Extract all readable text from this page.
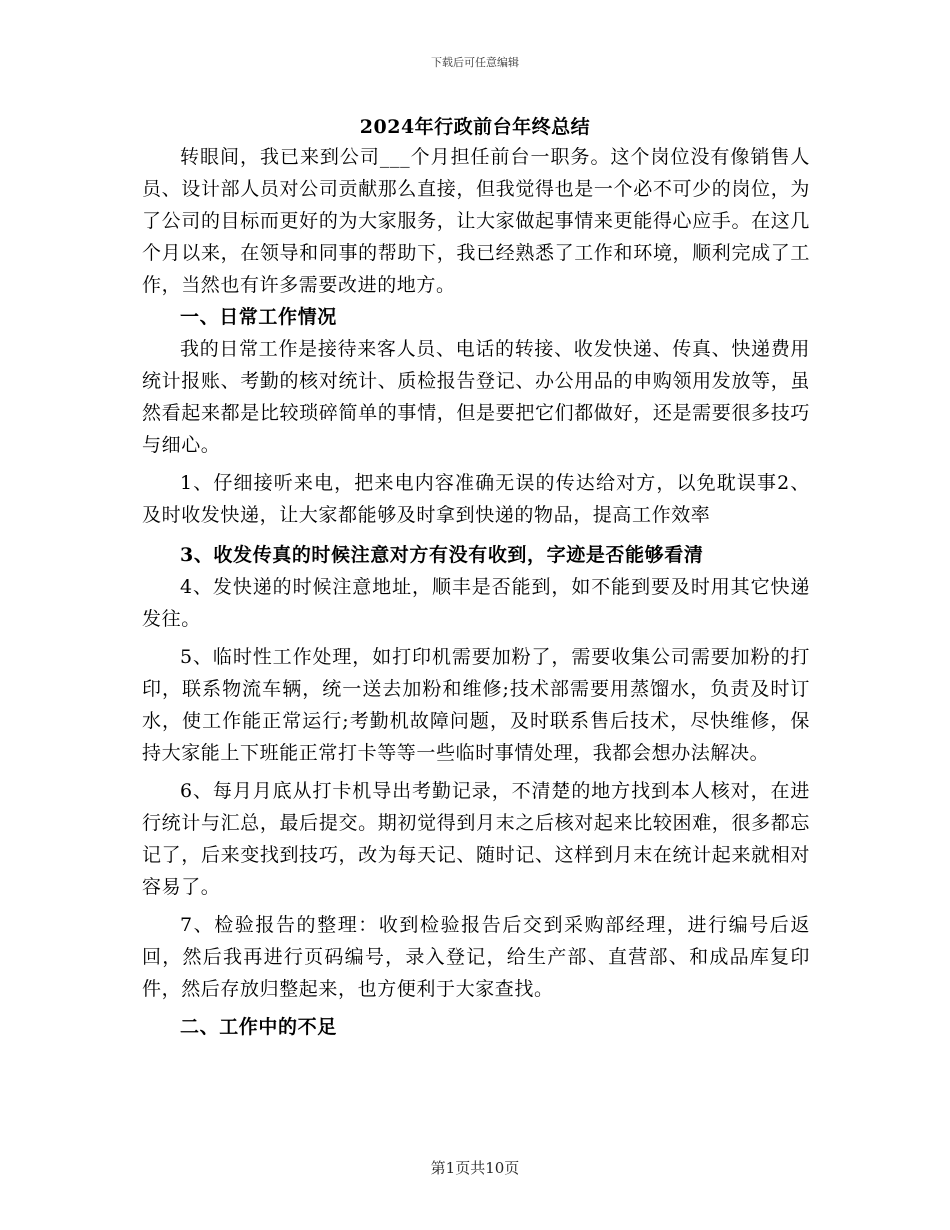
下载后可任意编辑
2024年行政前台年终总结

转眼间，我已来到公司___个月担任前台一职务。这个岗位没有像销售人员、设计部人员对公司贡献那么直接，但我觉得也是一个必不可少的岗位，为了公司的目标而更好的为大家服务，让大家做起事情来更能得心应手。在这几个月以来，在领导和同事的帮助下，我已经熟悉了工作和环境，顺利完成了工作，当然也有许多需要改进的地方。

一、日常工作情况

我的日常工作是接待来客人员、电话的转接、收发快递、传真、快递费用统计报账、考勤的核对统计、质检报告登记、办公用品的申购领用发放等，虽然看起来都是比较琐碎简单的事情，但是要把它们都做好，还是需要很多技巧与细心。

1、仔细接听来电，把来电内容准确无误的传达给对方，以免耽误事2、及时收发快递，让大家都能够及时拿到快递的物品，提高工作效率

3、收发传真的时候注意对方有没有收到，字迹是否能够看清

4、发快递的时候注意地址，顺丰是否能到，如不能到要及时用其它快递发往。

5、临时性工作处理，如打印机需要加粉了，需要收集公司需要加粉的打印，联系物流车辆，统一送去加粉和维修;技术部需要用蒸馏水，负责及时订水，使工作能正常运行;考勤机故障问题，及时联系售后技术，尽快维修，保持大家能上下班能正常打卡等等一些临时事情处理，我都会想办法解决。

6、每月月底从打卡机导出考勤记录，不清楚的地方找到本人核对，在进行统计与汇总，最后提交。期初觉得到月末之后核对起来比较困难，很多都忘记了，后来变找到技巧，改为每天记、随时记、这样到月末在统计起来就相对容易了。

7、检验报告的整理：收到检验报告后交到采购部经理，进行编号后返回，然后我再进行页码编号，录入登记，给生产部、直营部、和成品库复印件，然后存放归整起来，也方便利于大家查找。

二、工作中的不足

第1页共10页
